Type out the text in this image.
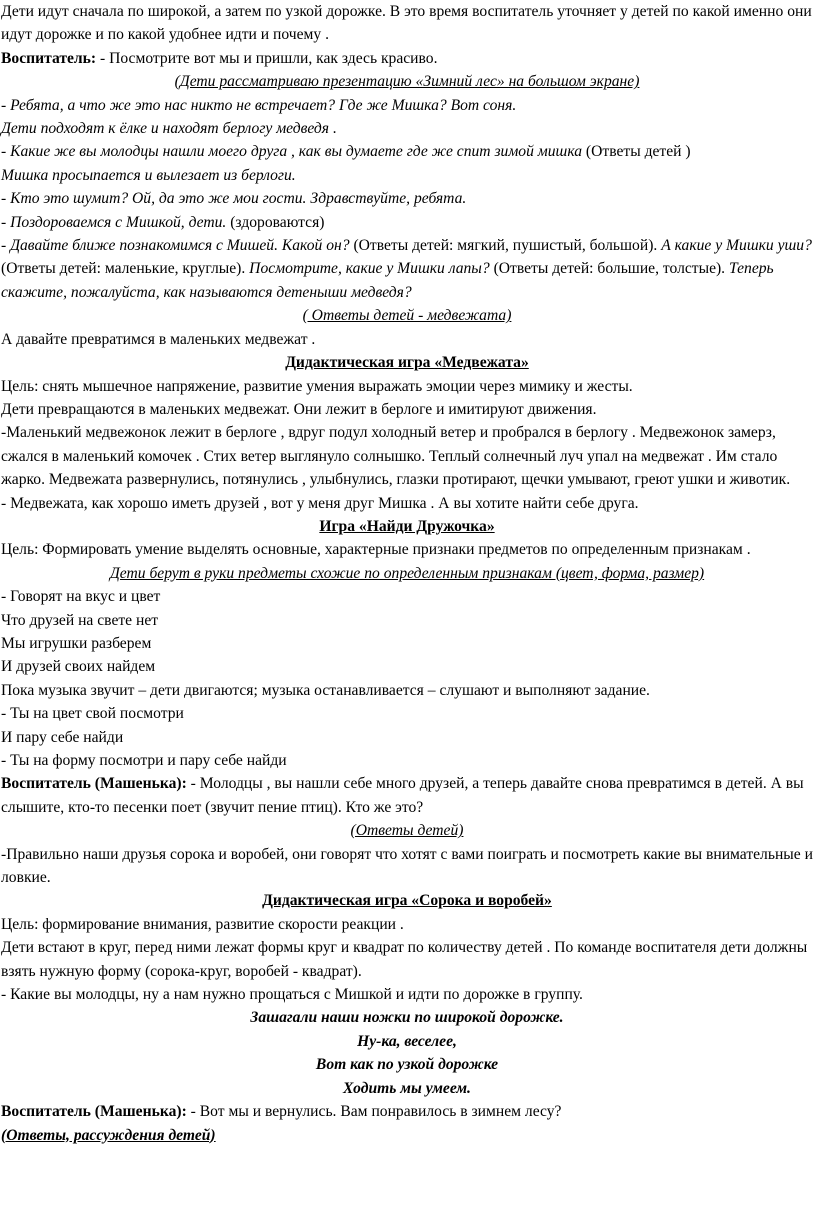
Дети идут сначала по широкой, а затем по узкой дорожке. В это время воспитатель уточняет у детей по какой именно они идут дорожке и по какой удобнее идти и почему .

Воспитатель: - Посмотрите вот мы и пришли, как здесь красиво.

(Дети рассматриваю презентацию «Зимний лес» на большом экране)

- Ребята, а что же это нас никто не встречает? Где же Мишка? Вот соня.

Дети подходят к ёлке и находят берлогу медведя .

- Какие же вы молодцы нашли моего друга , как вы думаете где же спит зимой мишка (Ответы детей )

Мишка просыпается и вылезает из берлоги.

- Кто это шумит? Ой, да это же мои гости. Здравствуйте, ребята.

- Поздороваемся с Мишкой, дети. (здороваются)

- Давайте ближе познакомимся с Мишей. Какой он? (Ответы детей: мягкий, пушистый, большой). А какие у Мишки уши?(Ответы детей: маленькие, круглые). Посмотрите, какие у Мишки лапы? (Ответы детей: большие, толстые). Теперь скажите, пожалуйста, как называются детеныши медведя?

( Ответы детей - медвежата)

А давайте превратимся в маленьких медвежат .

Дидактическая игра «Медвежата»

Цель: снять мышечное напряжение, развитие умения выражать эмоции через мимику и жесты.

Дети превращаются в маленьких медвежат. Они лежит в берлоге и имитируют движения.

-Маленький медвежонок лежит в берлоге , вдруг подул холодный ветер и пробрался в берлогу . Медвежонок замерз, сжался в маленький комочек . Стих ветер выглянуло солнышко. Теплый солнечный луч упал на медвежат . Им стало жарко. Медвежата развернулись, потянулись , улыбнулись, глазки протирают, щечки умывают, греют ушки и животик.

- Медвежата, как хорошо иметь друзей , вот у меня друг Мишка . А вы хотите найти себе друга.

Игра «Найди Дружочка»

Цель: Формировать умение выделять основные, характерные признаки предметов по определенным признакам .

Дети берут в руки предметы схожие по определенным признакам (цвет, форма, размер)

- Говорят на вкус и цвет

Что друзей на свете нет

Мы игрушки разберем

И друзей своих найдем

Пока музыка звучит – дети двигаются; музыка останавливается – слушают и выполняют задание.

- Ты на цвет свой посмотри

И пару себе найди

- Ты на форму посмотри и пару себе найди

Воспитатель (Машенька): - Молодцы , вы нашли себе много друзей, а теперь давайте снова превратимся в детей. А вы слышите, кто-то песенки поет (звучит пение птиц). Кто же это?

(Ответы детей)

-Правильно наши друзья сорока и воробей, они говорят что хотят с вами поиграть и посмотреть какие вы внимательные и ловкие.

Дидактическая игра «Сорока и воробей»

Цель: формирование внимания, развитие скорости реакции .

Дети встают в круг, перед ними лежат формы круг и квадрат по количеству детей . По команде воспитателя дети должны взять нужную форму (сорока-круг, воробей - квадрат).

- Какие вы молодцы, ну а нам нужно прощаться с Мишкой и идти по дорожке в группу.

Зашагали наши ножки по широкой дорожке.

Ну-ка, веселее,

Вот как по узкой дорожке

Ходить мы умеем.

Воспитатель (Машенька): - Вот мы и вернулись. Вам понравилось в зимнем лесу?

(Ответы, рассуждения детей)
